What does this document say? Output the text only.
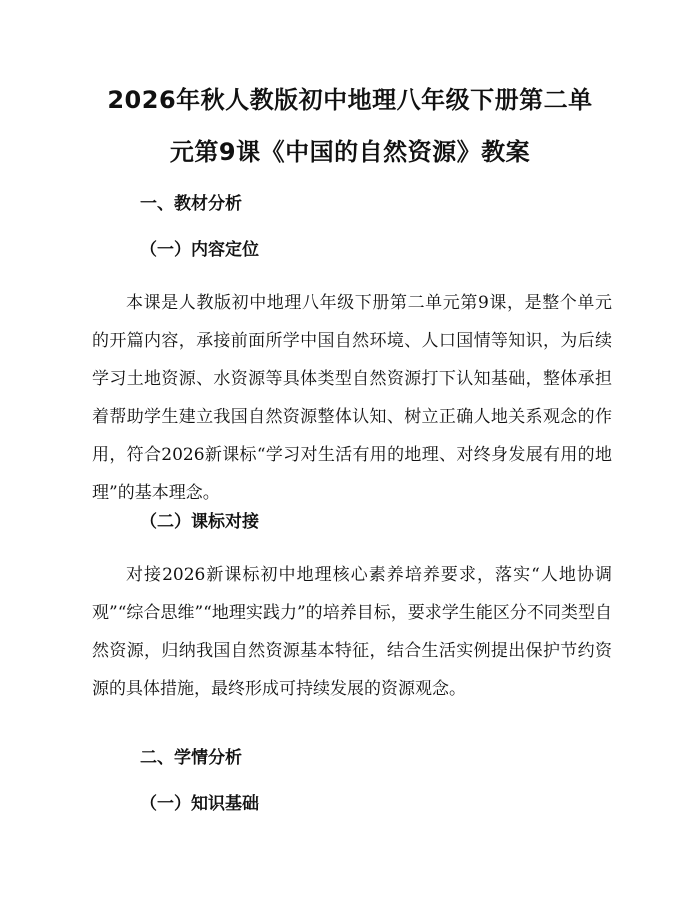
2026年秋人教版初中地理八年级下册第二单
元第9课《中国的自然资源》教案
一、教材分析
（一）内容定位

本课是人教版初中地理八年级下册第二单元第9课，是整个单元的开篇内容，承接前面所学中国自然环境、人口国情等知识，为后续学习土地资源、水资源等具体类型自然资源打下认知基础，整体承担着帮助学生建立我国自然资源整体认知、树立正确人地关系观念的作用，符合2026新课标“学习对生活有用的地理、对终身发展有用的地理”的基本理念。

（二）课标对接

对接2026新课标初中地理核心素养培养要求，落实“人地协调观”“综合思维”“地理实践力”的培养目标，要求学生能区分不同类型自然资源，归纳我国自然资源基本特征，结合生活实例提出保护节约资源的具体措施，最终形成可持续发展的资源观念。

二、学情分析
（一）知识基础
